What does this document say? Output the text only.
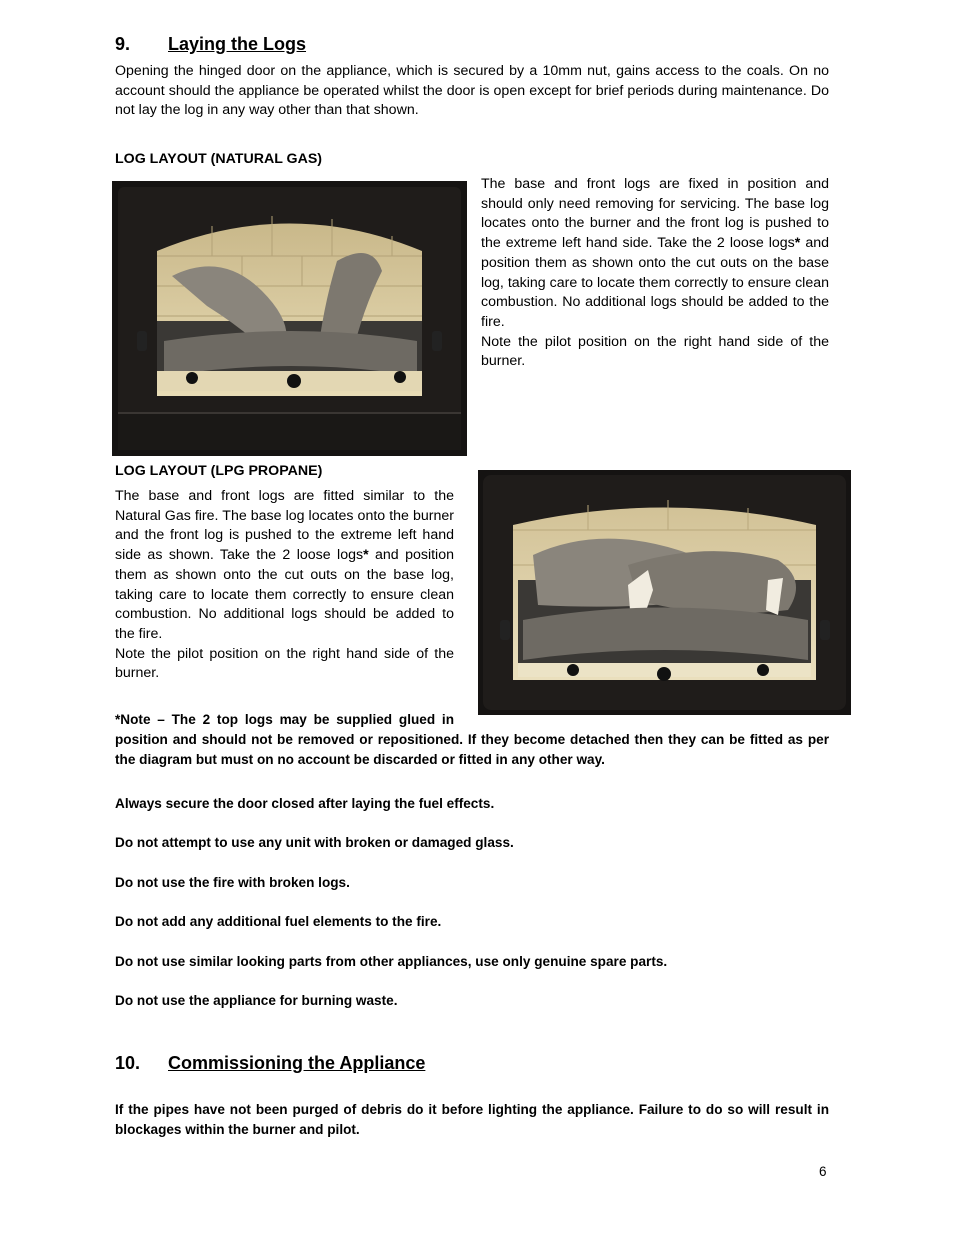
9.	Laying the Logs

Opening the hinged door on the appliance, which is secured by a 10mm nut, gains access to the coals. On no account should the appliance be operated whilst the door is open except for brief periods during maintenance. Do not lay the log in any way other than that shown.

LOG LAYOUT (NATURAL GAS)

The base and front logs are fixed in position and should only need removing for servicing. The base log locates onto the burner and the front log is pushed to the extreme left hand side. Take the 2 loose logs* and position them as shown onto the cut outs on the base log, taking care to locate them correctly to ensure clean combustion. No additional logs should be added to the fire.

Note the pilot position on the right hand side of the burner.

LOG LAYOUT (LPG PROPANE)

The base and front logs are fitted similar to the Natural Gas fire. The base log locates onto the burner and the front log is pushed to the extreme left hand side as shown. Take the 2 loose logs* and position them as shown onto the cut outs on the base log, taking care to locate them correctly to ensure clean combustion. No additional logs should be added to the fire.

Note the pilot position on the right hand side of the burner.

*Note – The 2 top logs may be supplied glued in

position and should not be removed or repositioned. If they become detached then they can be fitted as per the diagram but must on no account be discarded or fitted in any other way.

Always secure the door closed after laying the fuel effects.

Do not attempt to use any unit with broken or damaged glass.

Do not use the fire with broken logs.

Do not add any additional fuel elements to the fire.

Do not use similar looking parts from other appliances, use only genuine spare parts.

Do not use the appliance for burning waste.

10.	Commissioning the Appliance

If the pipes have not been purged of debris do it before lighting the appliance. Failure to do so will result in blockages within the burner and pilot.

6
